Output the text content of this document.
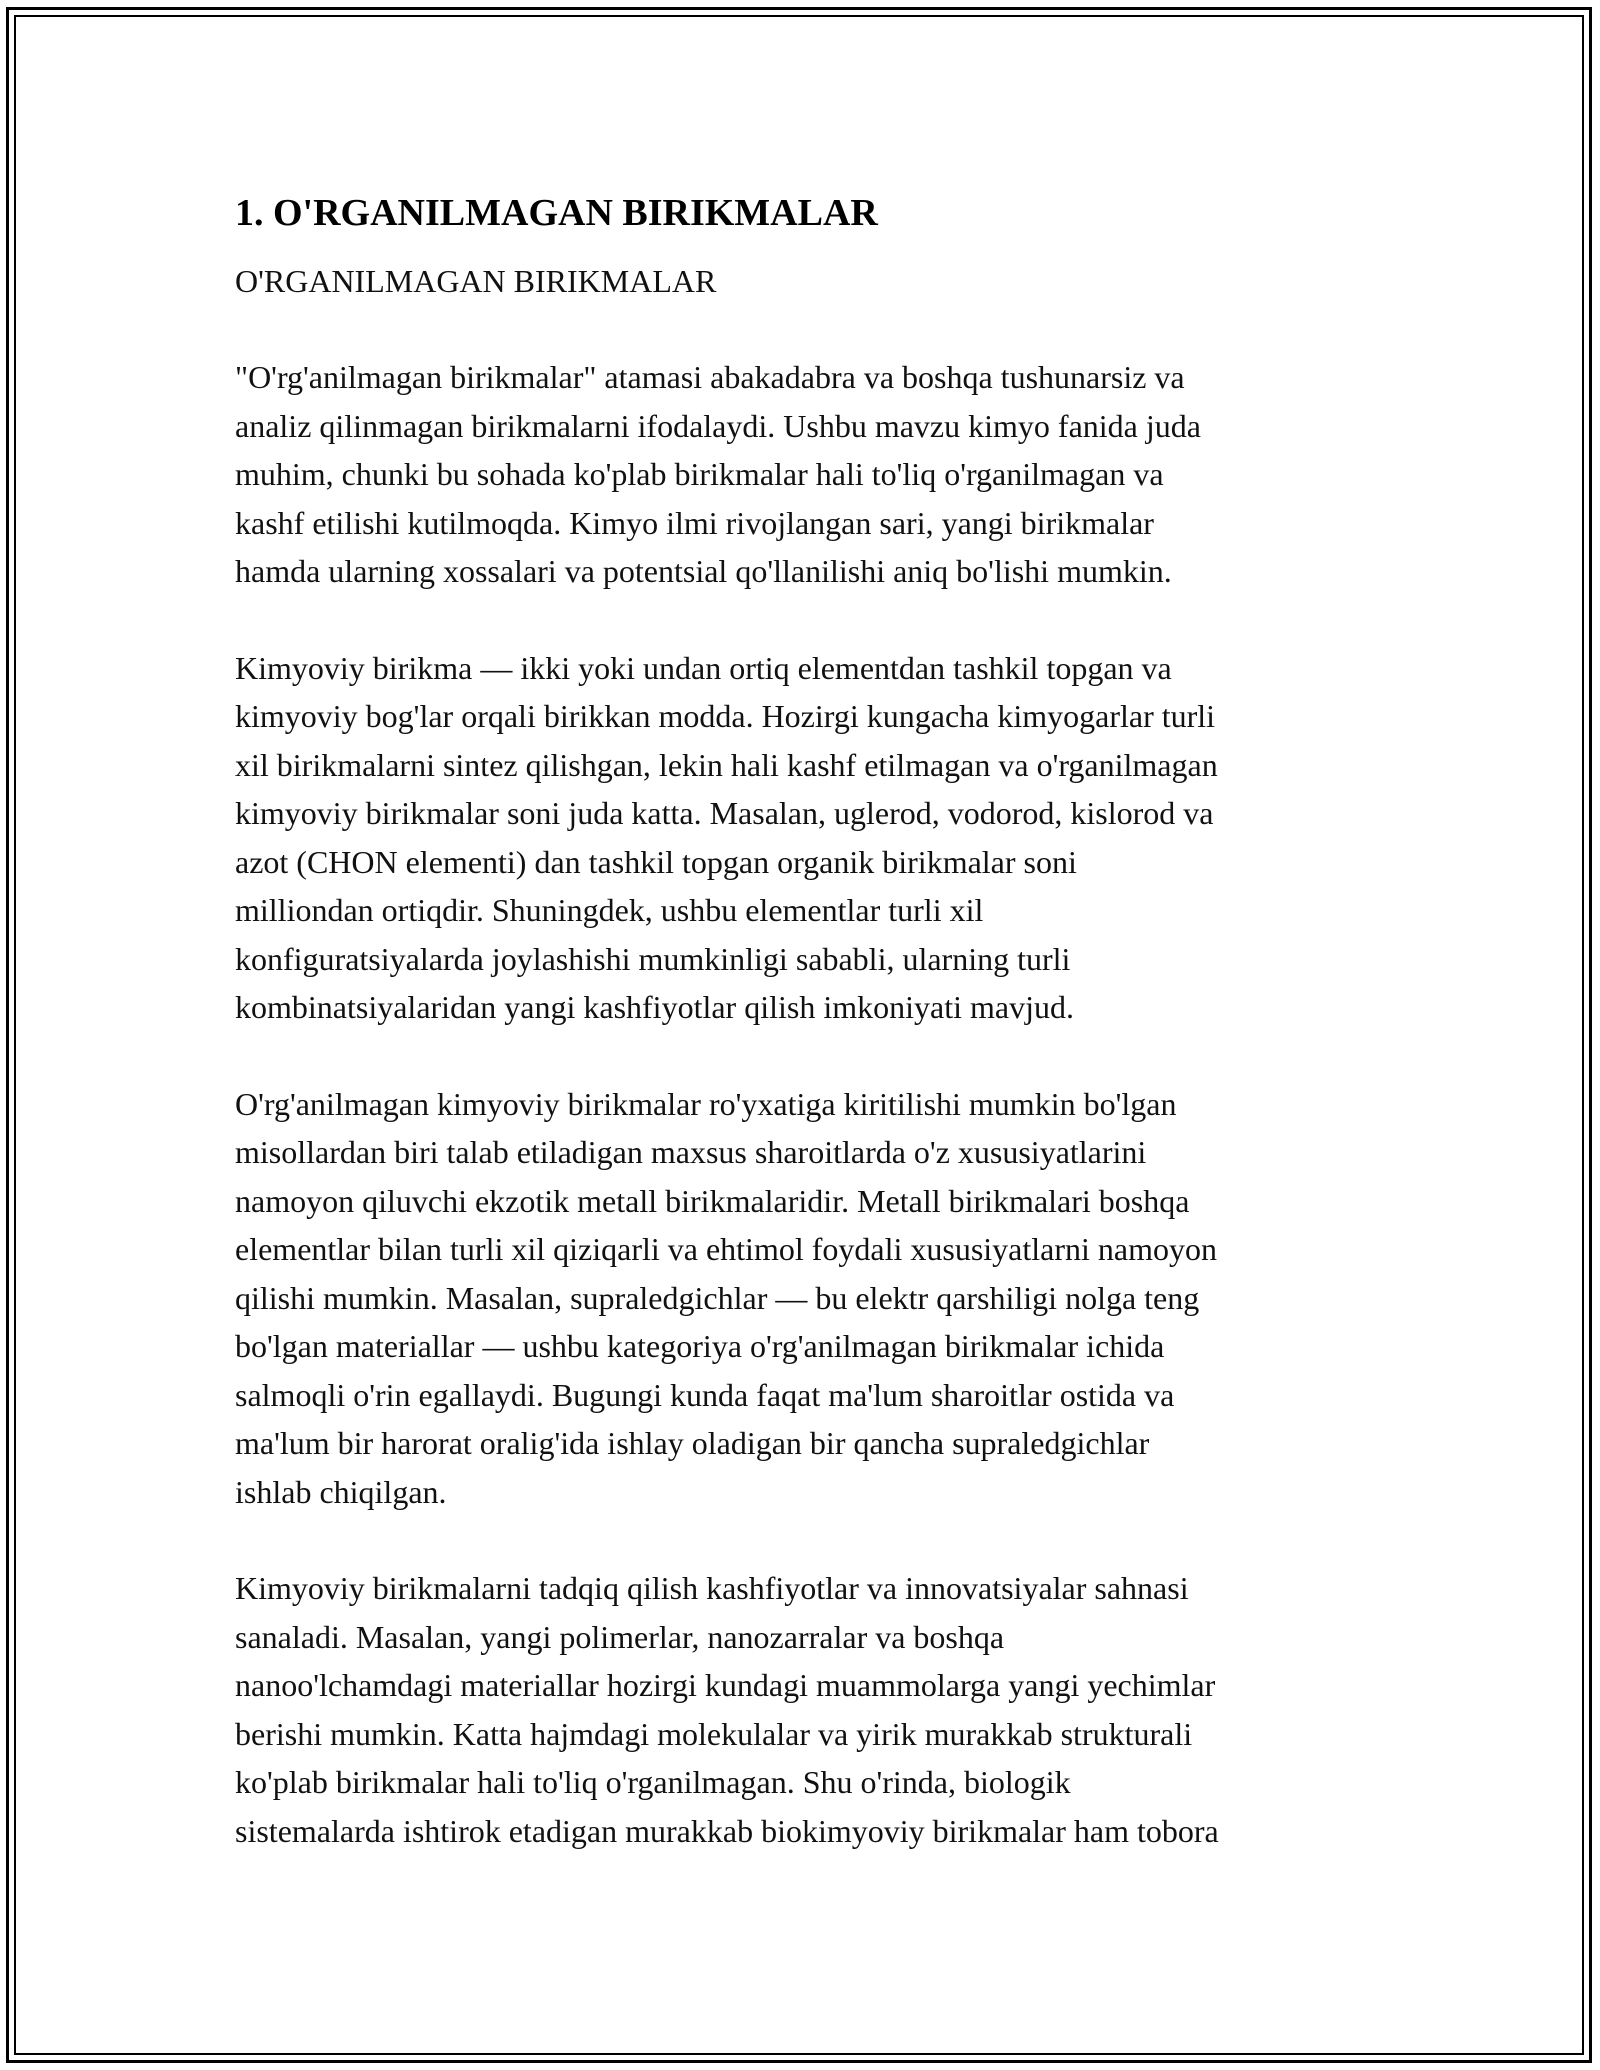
1. O'RGANILMAGAN BIRIKMALAR
O'RGANILMAGAN BIRIKMALAR
"O'rg'anilmagan birikmalar" atamasi abakadabra va boshqa tushunarsiz va
analiz qilinmagan birikmalarni ifodalaydi. Ushbu mavzu kimyo fanida juda
muhim, chunki bu sohada ko'plab birikmalar hali to'liq o'rganilmagan va
kashf etilishi kutilmoqda. Kimyo ilmi rivojlangan sari, yangi birikmalar
hamda ularning xossalari va potentsial qo'llanilishi aniq bo'lishi mumkin.
Kimyoviy birikma — ikki yoki undan ortiq elementdan tashkil topgan va
kimyoviy bog'lar orqali birikkan modda. Hozirgi kungacha kimyogarlar turli
xil birikmalarni sintez qilishgan, lekin hali kashf etilmagan va o'rganilmagan
kimyoviy birikmalar soni juda katta. Masalan, uglerod, vodorod, kislorod va
azot (CHON elementi) dan tashkil topgan organik birikmalar soni
milliondan ortiqdir. Shuningdek, ushbu elementlar turli xil
konfiguratsiyalarda joylashishi mumkinligi sababli, ularning turli
kombinatsiyalaridan yangi kashfiyotlar qilish imkoniyati mavjud.
O'rg'anilmagan kimyoviy birikmalar ro'yxatiga kiritilishi mumkin bo'lgan
misollardan biri talab etiladigan maxsus sharoitlarda o'z xususiyatlarini
namoyon qiluvchi ekzotik metall birikmalaridir. Metall birikmalari boshqa
elementlar bilan turli xil qiziqarli va ehtimol foydali xususiyatlarni namoyon
qilishi mumkin. Masalan, supraledgichlar — bu elektr qarshiligi nolga teng
bo'lgan materiallar — ushbu kategoriya o'rg'anilmagan birikmalar ichida
salmoqli o'rin egallaydi. Bugungi kunda faqat ma'lum sharoitlar ostida va
ma'lum bir harorat oralig'ida ishlay oladigan bir qancha supraledgichlar
ishlab chiqilgan.
Kimyoviy birikmalarni tadqiq qilish kashfiyotlar va innovatsiyalar sahnasi
sanaladi. Masalan, yangi polimerlar, nanozarralar va boshqa
nanoo'lchamdagi materiallar hozirgi kundagi muammolarga yangi yechimlar
berishi mumkin. Katta hajmdagi molekulalar va yirik murakkab strukturali
ko'plab birikmalar hali to'liq o'rganilmagan. Shu o'rinda, biologik
sistemalarda ishtirok etadigan murakkab biokimyoviy birikmalar ham tobora
